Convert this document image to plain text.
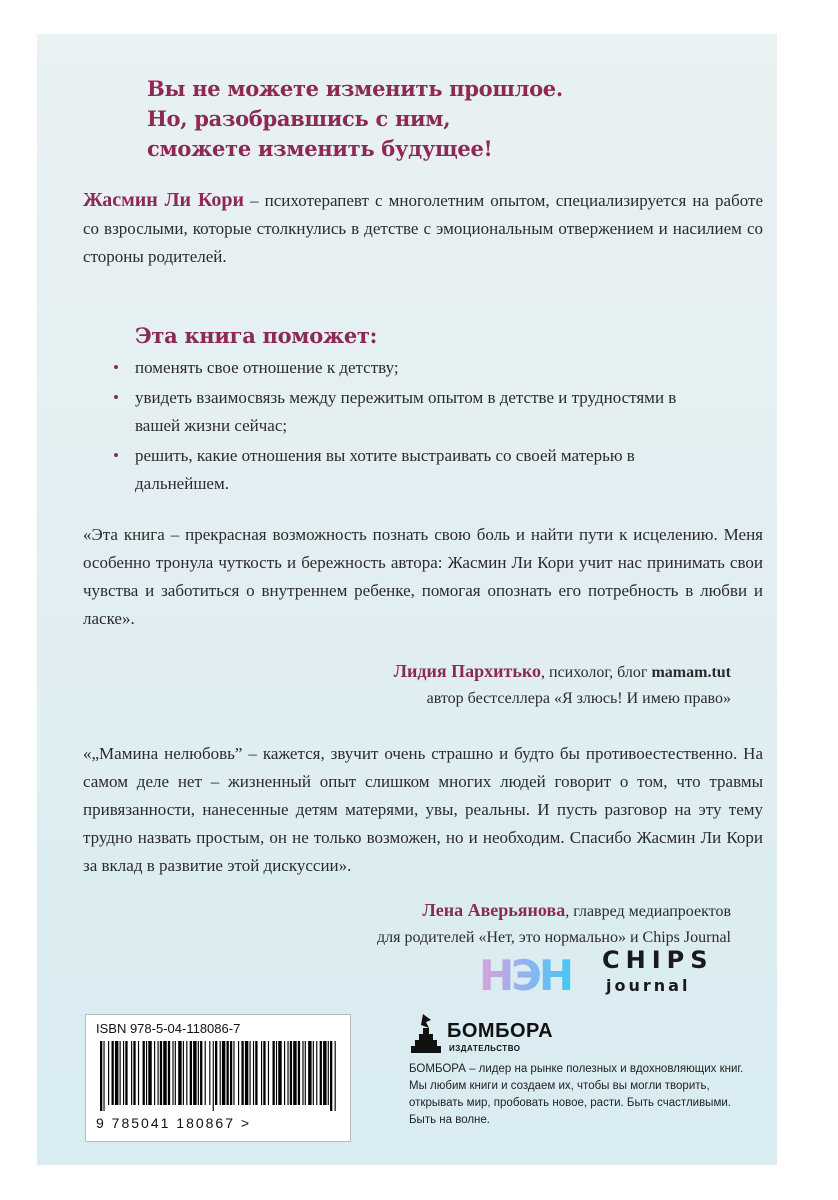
Вы не можете изменить прошлое.
Но, разобравшись с ним,
сможете изменить будущее!
Жасмин Ли Кори – психотерапевт с многолетним опытом, специализируется на работе со взрослыми, которые столкнулись в детстве с эмоциональным отвержением и насилием со стороны родителей.
Эта книга поможет:
• поменять свое отношение к детству;
• увидеть взаимосвязь между пережитым опытом в детстве и трудностями в вашей жизни сейчас;
• решить, какие отношения вы хотите выстраивать со своей матерью в дальнейшем.
«Эта книга – прекрасная возможность познать свою боль и найти пути к исцелению. Меня особенно тронула чуткость и бережность автора: Жасмин Ли Кори учит нас принимать свои чувства и заботиться о внутреннем ребенке, помогая опознать его потребность в любви и ласке».
Лидия Пархитько, психолог, блог mamam.tut
автор бестселлера «Я злюсь! И имею право»
«„Мамина нелюбовь” – кажется, звучит очень страшно и будто бы противоестественно. На самом деле нет – жизненный опыт слишком многих людей говорит о том, что травмы привязанности, нанесенные детям матерями, увы, реальны. И пусть разговор на эту тему трудно назвать простым, он не только возможен, но и необходим. Спасибо Жасмин Ли Кори за вклад в развитие этой дискуссии».
Лена Аверьянова, главред медиапроектов
для родителей «Нет, это нормально» и Chips Journal
НЭН CHIPS
journal
ISBN 978-5-04-118086-7
9 785041 180867 >
БОМБОРА
ИЗДАТЕЛЬСТВО
БОМБОРА – лидер на рынке полезных и вдохновляющих книг. Мы любим книги и создаем их, чтобы вы могли творить, открывать мир, пробовать новое, расти. Быть счастливыми. Быть на волне.
